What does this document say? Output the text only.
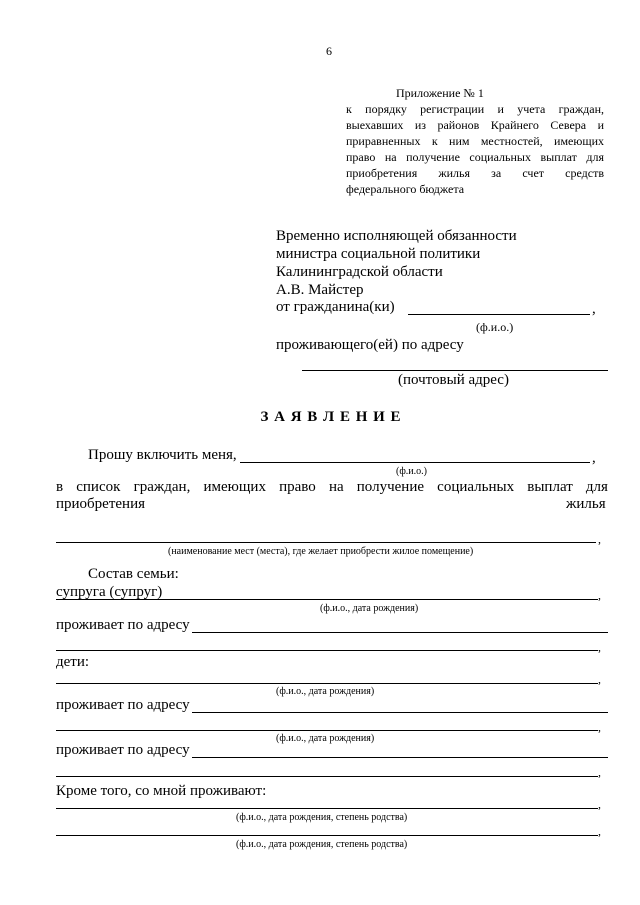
6
Приложение № 1
к порядку регистрации и учета граждан,
выехавших из районов Крайнего Севера и
приравненных к ним местностей, имеющих
право на получение социальных выплат для
приобретения жилья за счет средств
федерального бюджета
Временно исполняющей обязанности
министра социальной политики
Калининградской области
А.В. Майстер
от гражданина(ки)	,
(ф.и.о.)
проживающего(ей) по адресу
(почтовый адрес)
З А Я В Л Е Н И Е
Прошу включить меня,	,
(ф.и.о.)
в список граждан, имеющих право на получение социальных выплат для
приобретения	жилья
,
(наименование мест (места), где желает приобрести жилое помещение)
Состав семьи:
супруга (супруг)	,
(ф.и.о., дата рождения)
проживает по адресу
,
дети:
,
(ф.и.о., дата рождения)
проживает по адресу
,
(ф.и.о., дата рождения)
проживает по адресу
,
Кроме того, со мной проживают:
,
(ф.и.о., дата рождения, степень родства)
,
(ф.и.о., дата рождения, степень родства)
